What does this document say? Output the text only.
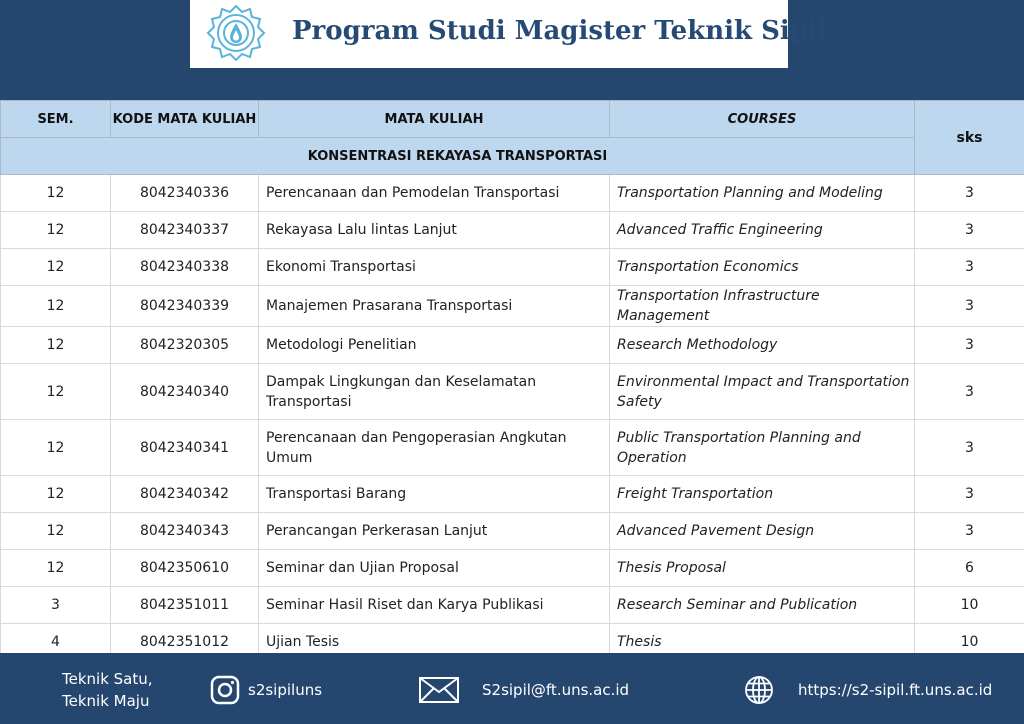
Program Studi Magister Teknik Sipil
SEM.	KODE MATA KULIAH	MATA KULIAH	COURSES	sks
KONSENTRASI REKAYASA TRANSPORTASI				
12	8042340336	Perencanaan dan Pemodelan Transportasi	Transportation Planning and Modeling	3
12	8042340337	Rekayasa Lalu lintas Lanjut	Advanced Traffic Engineering	3
12	8042340338	Ekonomi Transportasi	Transportation Economics	3
12	8042340339	Manajemen Prasarana Transportasi	Transportation Infrastructure Management	3
12	8042320305	Metodologi Penelitian	Research Methodology	3
12	8042340340	Dampak Lingkungan dan Keselamatan Transportasi	Environmental Impact and Transportation Safety	3
12	8042340341	Perencanaan dan Pengoperasian Angkutan Umum	Public Transportation Planning and Operation	3
12	8042340342	Transportasi Barang	Freight Transportation	3
12	8042340343	Perancangan Perkerasan Lanjut	Advanced Pavement Design	3
12	8042350610	Seminar dan Ujian Proposal	Thesis Proposal	6
3	8042351011	Seminar Hasil Riset dan Karya Publikasi	Research Seminar and Publication	10
4	8042351012	Ujian Tesis	Thesis	10
Teknik Satu,
Teknik Maju
s2sipiluns	S2sipil@ft.uns.ac.id	https://s2-sipil.ft.uns.ac.id
